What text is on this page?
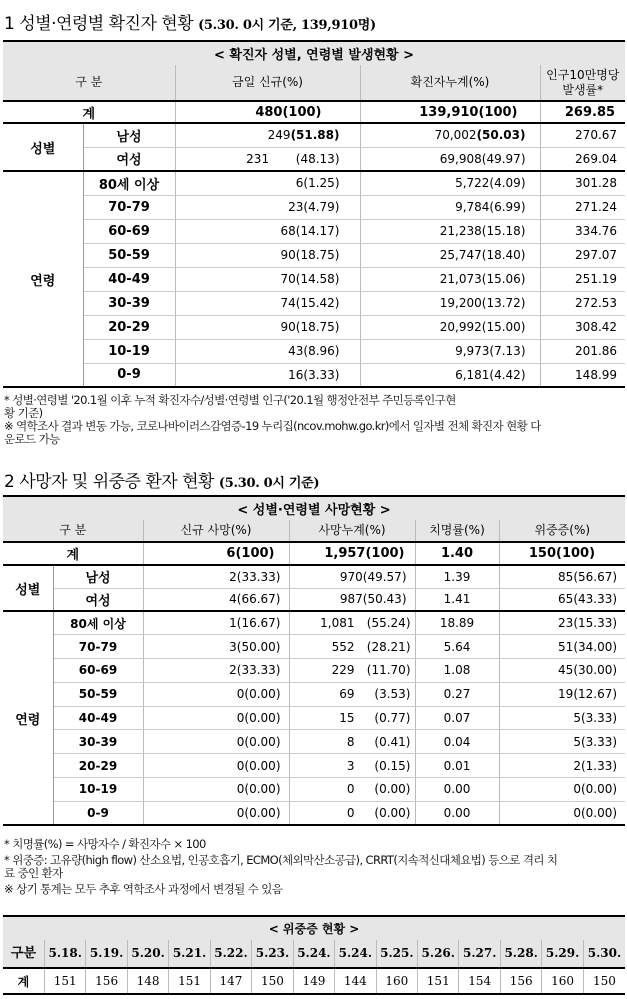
1 성별·연령별 확진자 현황 (5.30. 0시 기준, 139,910명)
< 확진자 성별, 연령별 발생현황 >				
구 분		금일 신규(%)	확진자누계(%)	인구10만명당 발생률*
계		480(100)	139,910(100)	269.85
성별	남성	249(51.88)	70,002(50.03)	270.67
	여성	231 (48.13)	69,908(49.97)	269.04
연령	80세 이상	6(1.25)	5,722(4.09)	301.28
	70-79	23(4.79)	9,784(6.99)	271.24
	60-69	68(14.17)	21,238(15.18)	334.76
	50-59	90(18.75)	25,747(18.40)	297.07
	40-49	70(14.58)	21,073(15.06)	251.19
	30-39	74(15.42)	19,200(13.72)	272.53
	20-29	90(18.75)	20,992(15.00)	308.42
	10-19	43(8.96)	9,973(7.13)	201.86
	0-9	16(3.33)	6,181(4.42)	148.99
* 성별·연령별 '20.1월 이후 누적 확진자수/성별·연령별 인구('20.1월 행정안전부 주민등록인구현
황 기준)
※ 역학조사 결과 변동 가능, 코로나바이러스감염증-19 누리집(ncov.mohw.go.kr)에서 일자별 전체 확진자 현황 다
운로드 가능
2 사망자 및 위중증 환자 현황 (5.30. 0시 기준)
< 성별·연령별 사망현황 >					
구 분		신규 사망(%)	사망누계(%)	치명률(%)	위중증(%)
계		6(100)	1,957(100)	1.40	150(100)
성별	남성	2(33.33)	970(49.57)	1.39	85(56.67)
	여성	4(66.67)	987(50.43)	1.41	65(43.33)
연령	80세 이상	1(16.67)	1,081 (55.24)	18.89	23(15.33)
	70-79	3(50.00)	552 (28.21)	5.64	51(34.00)
	60-69	2(33.33)	229 (11.70)	1.08	45(30.00)
	50-59	0(0.00)	69 (3.53)	0.27	19(12.67)
	40-49	0(0.00)	15 (0.77)	0.07	5(3.33)
	30-39	0(0.00)	8 (0.41)	0.04	5(3.33)
	20-29	0(0.00)	3 (0.15)	0.01	2(1.33)
	10-19	0(0.00)	0 (0.00)	0.00	0(0.00)
	0-9	0(0.00)	0 (0.00)	0.00	0(0.00)
* 치명률(%) = 사망자수 / 확진자수 × 100
* 위중증: 고유량(high flow) 산소요법, 인공호흡기, ECMO(체외막산소공급), CRRT(지속적신대체요법) 등으로 격리 치
료 중인 환자
※ 상기 통계는 모두 추후 역학조사 과정에서 변경될 수 있음
< 위중증 현황 >														
구분	5.18.	5.19.	5.20.	5.21.	5.22.	5.23.	5.24.	5.24.	5.25.	5.26.	5.27.	5.28.	5.29.	5.30.
계	151	156	148	151	147	150	149	144	160	151	154	156	160	150
